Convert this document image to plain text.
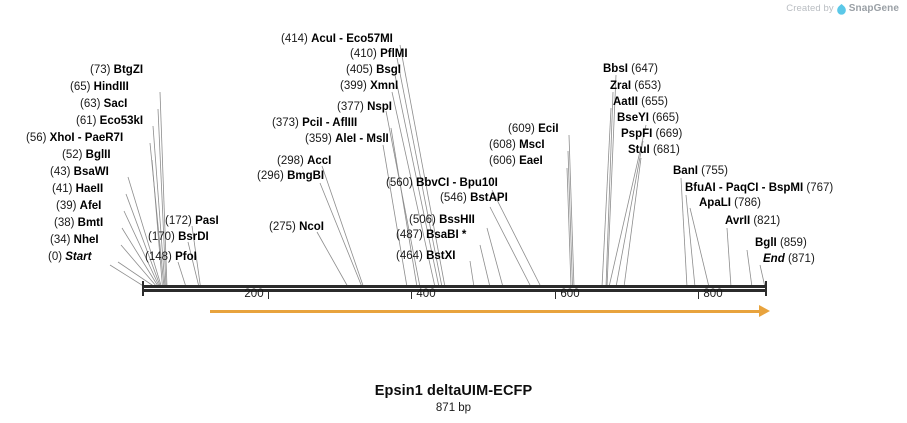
Created by SnapGene
200	400	600	800
(0) Start
(34) NheI
(38) BmtI
(39) AfeI
(41) HaeII
(43) BsaWI
(52) BglII
(56) XhoI - PaeR7I
(61) Eco53kI
(63) SacI
(65) HindIII
(73) BtgZI
(148) PfoI
(170) BsrDI
(172) PasI	(275) NcoI
(296) BmgBI
(298) AccI
(359) AleI - MslI
(373) PciI - AflIII
(377) NspI
(399) XmnI
(405) BsgI
(410) PflMI
(414) AcuI - Eco57MI
(464) BstXI
(487) BsaBI *
(506) BssHII
(546) BstAPI
(560) BbvCI - Bpu10I
(606) EaeI
(608) MscI
(609) EciI
BbsI (647)
ZraI (653)
AatII (655)
BseYI (665)
PspFI (669)
StuI (681)
BanI (755)
BfuAI - PaqCI - BspMI (767)
ApaLI (786)
AvrII (821)
BglI (859)
End (871)
Epsin1 deltaUIM-ECFP
871 bp
